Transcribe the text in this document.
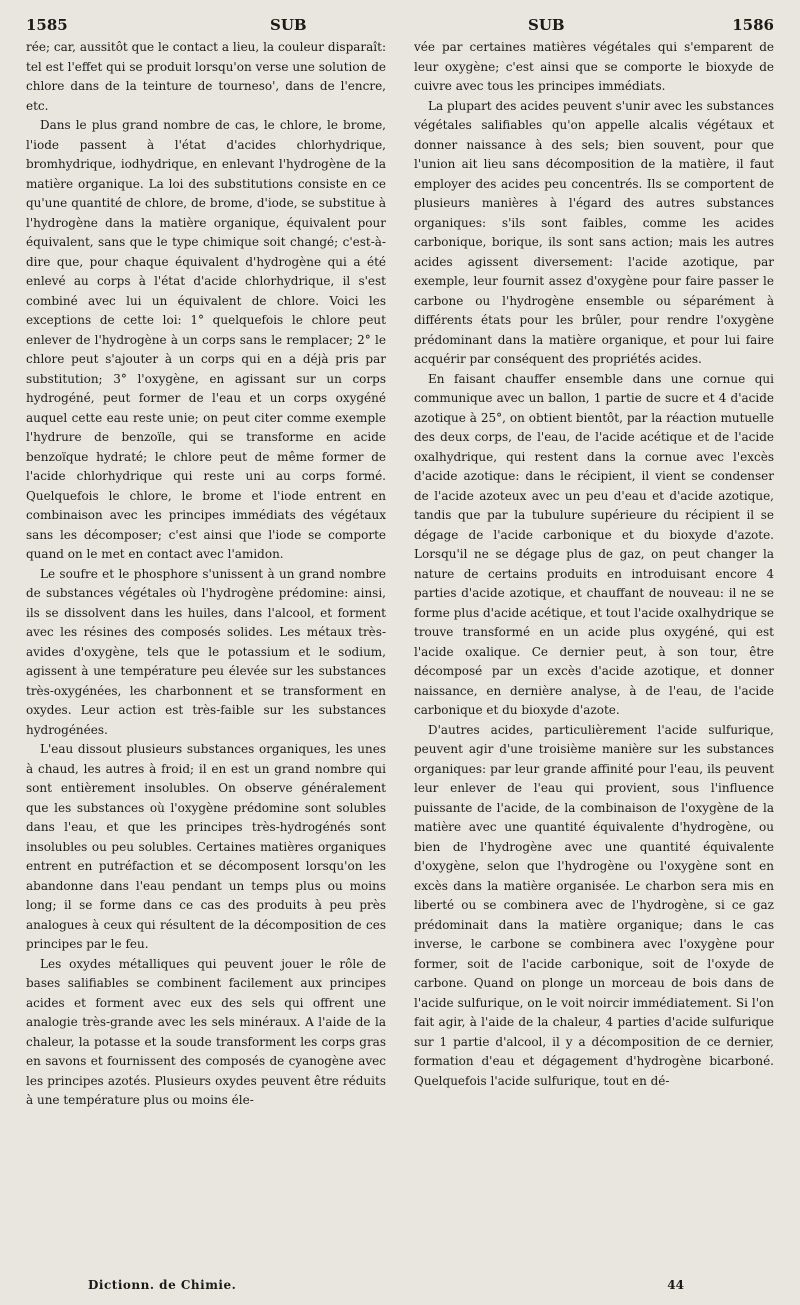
1585	SUB	SUB	1586

rée; car, aussitôt que le contact a lieu, la couleur disparaît: tel est l'effet qui se produit lorsqu'on verse une solution de chlore dans de la teinture de tourneso', dans de l'encre, etc.

Dans le plus grand nombre de cas, le chlore, le brome, l'iode passent à l'état d'acides chlorhydrique, bromhydrique, iodhydrique, en enlevant l'hydrogène de la matière organique. La loi des substitutions consiste en ce qu'une quantité de chlore, de brome, d'iode, se substitue à l'hydrogène dans la matière organique, équivalent pour équivalent, sans que le type chimique soit changé; c'est-à-dire que, pour chaque équivalent d'hydrogène qui a été enlevé au corps à l'état d'acide chlorhydrique, il s'est combiné avec lui un équivalent de chlore. Voici les exceptions de cette loi: 1° quelquefois le chlore peut enlever de l'hydrogène à un corps sans le remplacer; 2° le chlore peut s'ajouter à un corps qui en a déjà pris par substitution; 3° l'oxygène, en agissant sur un corps hydrogéné, peut former de l'eau et un corps oxygéné auquel cette eau reste unie; on peut citer comme exemple l'hydrure de benzoïle, qui se transforme en acide benzoïque hydraté; le chlore peut de même former de l'acide chlorhydrique qui reste uni au corps formé. Quelquefois le chlore, le brome et l'iode entrent en combinaison avec les principes immédiats des végétaux sans les décomposer; c'est ainsi que l'iode se comporte quand on le met en contact avec l'amidon.

Le soufre et le phosphore s'unissent à un grand nombre de substances végétales où l'hydrogène prédomine: ainsi, ils se dissolvent dans les huiles, dans l'alcool, et forment avec les résines des composés solides. Les métaux très-avides d'oxygène, tels que le potassium et le sodium, agissent à une température peu élevée sur les substances très-oxygénées, les charbonnent et se transforment en oxydes. Leur action est très-faible sur les substances hydrogénées.

L'eau dissout plusieurs substances organiques, les unes à chaud, les autres à froid; il en est un grand nombre qui sont entièrement insolubles. On observe généralement que les substances où l'oxygène prédomine sont solubles dans l'eau, et que les principes très-hydrogénés sont insolubles ou peu solubles. Certaines matières organiques entrent en putréfaction et se décomposent lorsqu'on les abandonne dans l'eau pendant un temps plus ou moins long; il se forme dans ce cas des produits à peu près analogues à ceux qui résultent de la décomposition de ces principes par le feu.

Les oxydes métalliques qui peuvent jouer le rôle de bases salifiables se combinent facilement aux principes acides et forment avec eux des sels qui offrent une analogie très-grande avec les sels minéraux. A l'aide de la chaleur, la potasse et la soude transforment les corps gras en savons et fournissent des composés de cyanogène avec les principes azotés. Plusieurs oxydes peuvent être réduits à une température plus ou moins éle-

vée par certaines matières végétales qui s'emparent de leur oxygène; c'est ainsi que se comporte le bioxyde de cuivre avec tous les principes immédiats.

La plupart des acides peuvent s'unir avec les substances végétales salifiables qu'on appelle alcalis végétaux et donner naissance à des sels; bien souvent, pour que l'union ait lieu sans décomposition de la matière, il faut employer des acides peu concentrés. Ils se comportent de plusieurs manières à l'égard des autres substances organiques: s'ils sont faibles, comme les acides carbonique, borique, ils sont sans action; mais les autres acides agissent diversement: l'acide azotique, par exemple, leur fournit assez d'oxygène pour faire passer le carbone ou l'hydrogène ensemble ou séparément à différents états pour les brûler, pour rendre l'oxygène prédominant dans la matière organique, et pour lui faire acquérir par conséquent des propriétés acides.

En faisant chauffer ensemble dans une cornue qui communique avec un ballon, 1 partie de sucre et 4 d'acide azotique à 25°, on obtient bientôt, par la réaction mutuelle des deux corps, de l'eau, de l'acide acétique et de l'acide oxalhydrique, qui restent dans la cornue avec l'excès d'acide azotique: dans le récipient, il vient se condenser de l'acide azoteux avec un peu d'eau et d'acide azotique, tandis que par la tubulure supérieure du récipient il se dégage de l'acide carbonique et du bioxyde d'azote. Lorsqu'il ne se dégage plus de gaz, on peut changer la nature de certains produits en introduisant encore 4 parties d'acide azotique, et chauffant de nouveau: il ne se forme plus d'acide acétique, et tout l'acide oxalhydrique se trouve transformé en un acide plus oxygéné, qui est l'acide oxalique. Ce dernier peut, à son tour, être décomposé par un excès d'acide azotique, et donner naissance, en dernière analyse, à de l'eau, de l'acide carbonique et du bioxyde d'azote.

D'autres acides, particulièrement l'acide sulfurique, peuvent agir d'une troisième manière sur les substances organiques: par leur grande affinité pour l'eau, ils peuvent leur enlever de l'eau qui provient, sous l'influence puissante de l'acide, de la combinaison de l'oxygène de la matière avec une quantité équivalente d'hydrogène, ou bien de l'hydrogène avec une quantité équivalente d'oxygène, selon que l'hydrogène ou l'oxygène sont en excès dans la matière organisée. Le charbon sera mis en liberté ou se combinera avec de l'hydrogène, si ce gaz prédominait dans la matière organique; dans le cas inverse, le carbone se combinera avec l'oxygène pour former, soit de l'acide carbonique, soit de l'oxyde de carbone. Quand on plonge un morceau de bois dans de l'acide sulfurique, on le voit noircir immédiatement. Si l'on fait agir, à l'aide de la chaleur, 4 parties d'acide sulfurique sur 1 partie d'alcool, il y a décomposition de ce dernier, formation d'eau et dégagement d'hydrogène bicarboné. Quelquefois l'acide sulfurique, tout en dé-

Dictionn. de Chimie.	44
